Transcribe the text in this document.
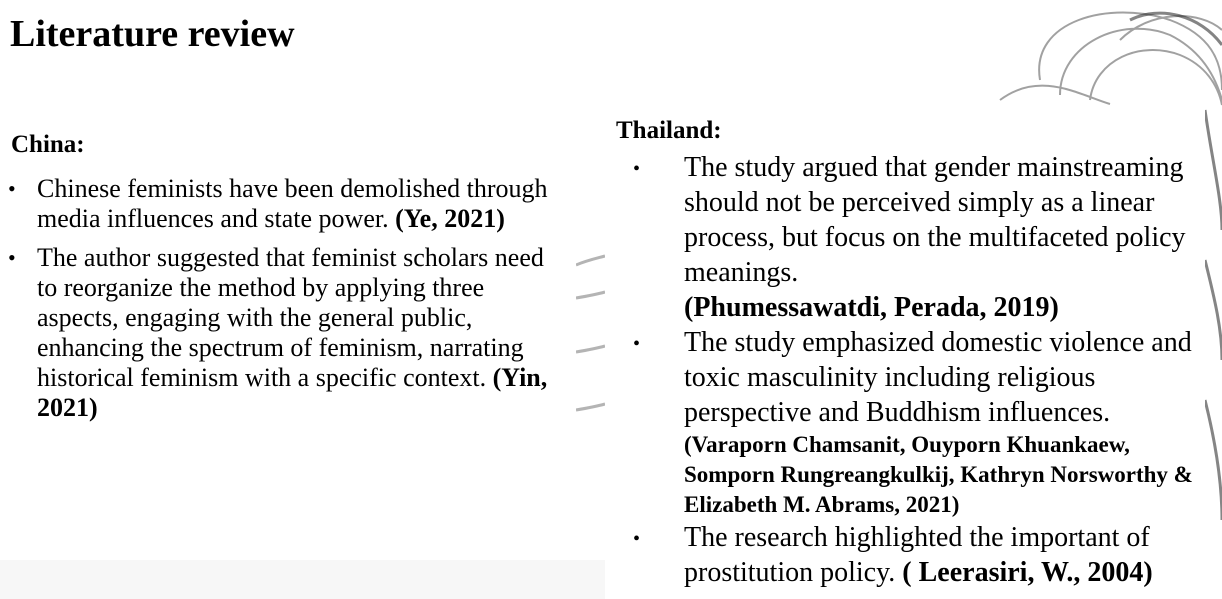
Literature review
China:
• Chinese feminists have been demolished through media influences and state power. (Ye, 2021)
• The author suggested that feminist scholars need to reorganize the method by applying three aspects, engaging with the general public, enhancing the spectrum of feminism, narrating historical feminism with a specific context. (Yin, 2021)
Thailand:
• The study argued that gender mainstreaming should not be perceived simply as a linear process, but focus on the multifaceted policy meanings.
(Phumessawatdi, Perada, 2019)
• The study emphasized domestic violence and toxic masculinity including religious perspective and Buddhism influences.
(Varaporn Chamsanit, Ouyporn Khuankaew, Somporn Rungreangkulkij, Kathryn Norsworthy & Elizabeth M. Abrams, 2021)
• The research highlighted the important of prostitution policy. ( Leerasiri, W., 2004)
